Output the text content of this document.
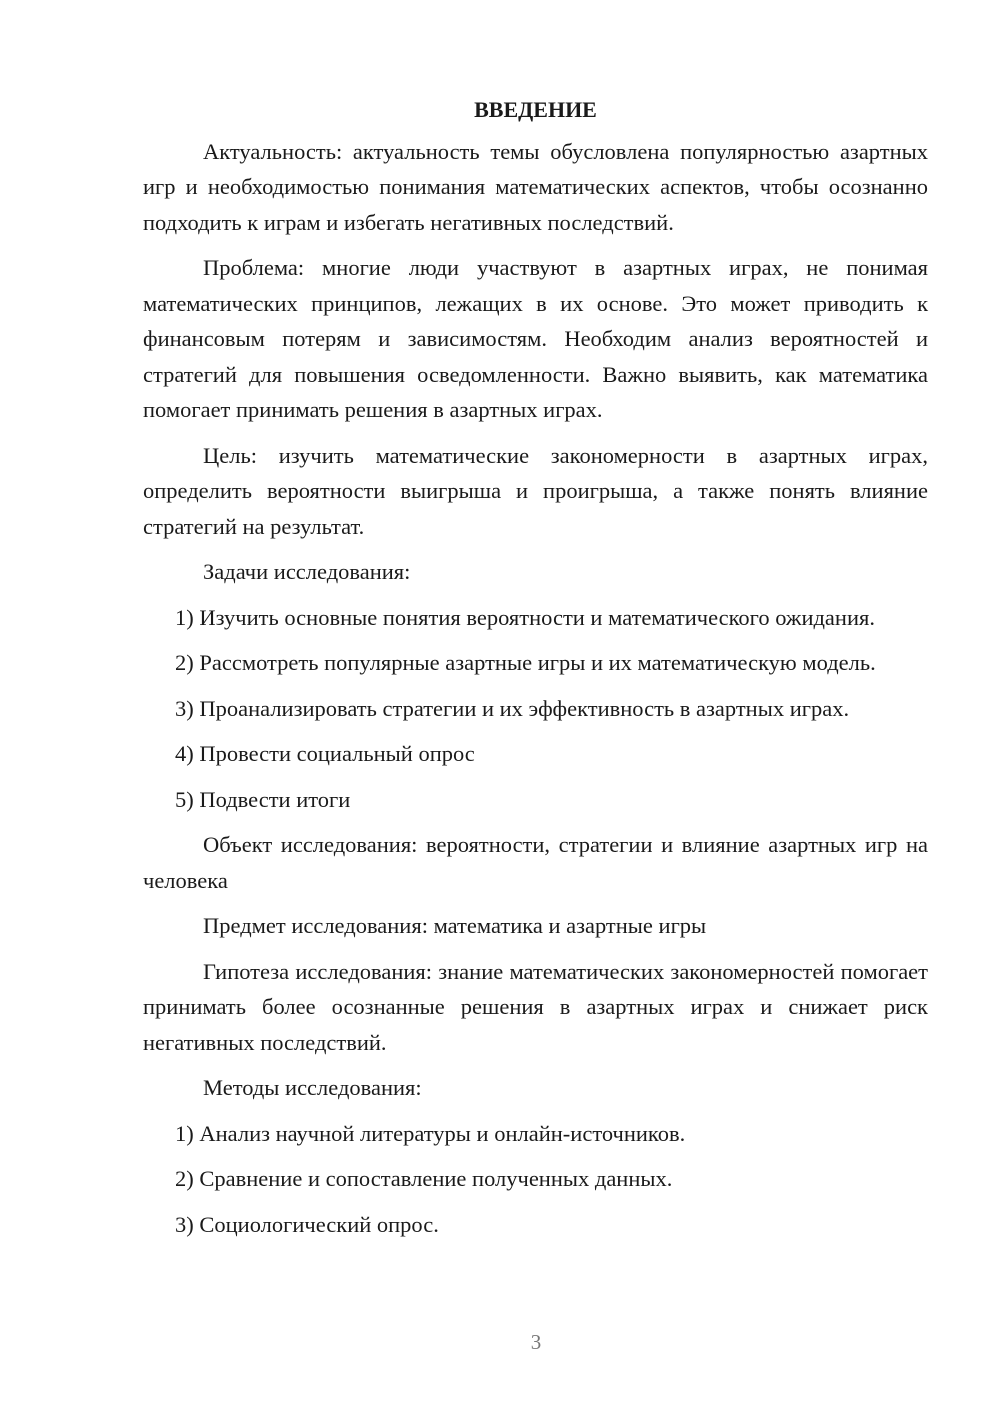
ВВЕДЕНИЕ

Актуальность: актуальность темы обусловлена популярностью азартных игр и необходимостью понимания математических аспектов, чтобы осознанно подходить к играм и избегать негативных последствий.

Проблема: многие люди участвуют в азартных играх, не понимая математических принципов, лежащих в их основе. Это может приводить к финансовым потерям и зависимостям. Необходим анализ вероятностей и стратегий для повышения осведомленности. Важно выявить, как математика помогает принимать решения в азартных играх.

Цель: изучить математические закономерности в азартных играх, определить вероятности выигрыша и проигрыша, а также понять влияние стратегий на результат.

Задачи исследования:

1) Изучить основные понятия вероятности и математического ожидания.

2) Рассмотреть популярные азартные игры и их математическую модель.

3) Проанализировать стратегии и их эффективность в азартных играх.

4) Провести социальный опрос

5) Подвести итоги

Объект исследования: вероятности, стратегии и влияние азартных игр на человека

Предмет исследования: математика и азартные игры

Гипотеза исследования: знание математических закономерностей помогает принимать более осознанные решения в азартных играх и снижает риск негативных последствий.

Методы исследования:

1) Анализ научной литературы и онлайн-источников.

2) Сравнение и сопоставление полученных данных.

3) Социологический опрос.

3
